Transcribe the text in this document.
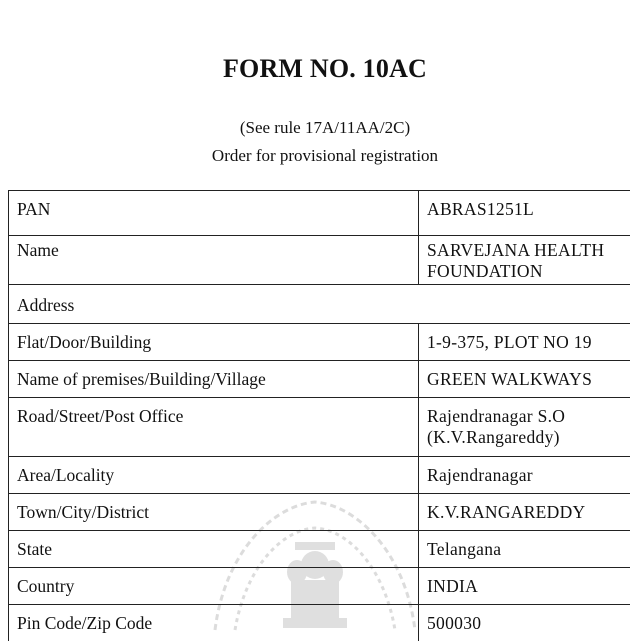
FORM NO. 10AC
(See rule 17A/11AA/2C)
Order for provisional registration
PAN	ABRAS1251L
Name	SARVEJANA HEALTH
FOUNDATION

Address	
Flat/Door/Building	1-9-375, PLOT NO 19
Name of premises/Building/Village	GREEN WALKWAYS
Road/Street/Post Office	Rajendranagar S.O
(K.V.Rangareddy)

Area/Locality	Rajendranagar
Town/City/District	K.V.RANGAREDDY
State	Telangana
Country	INDIA
Pin Code/Zip Code	500030
